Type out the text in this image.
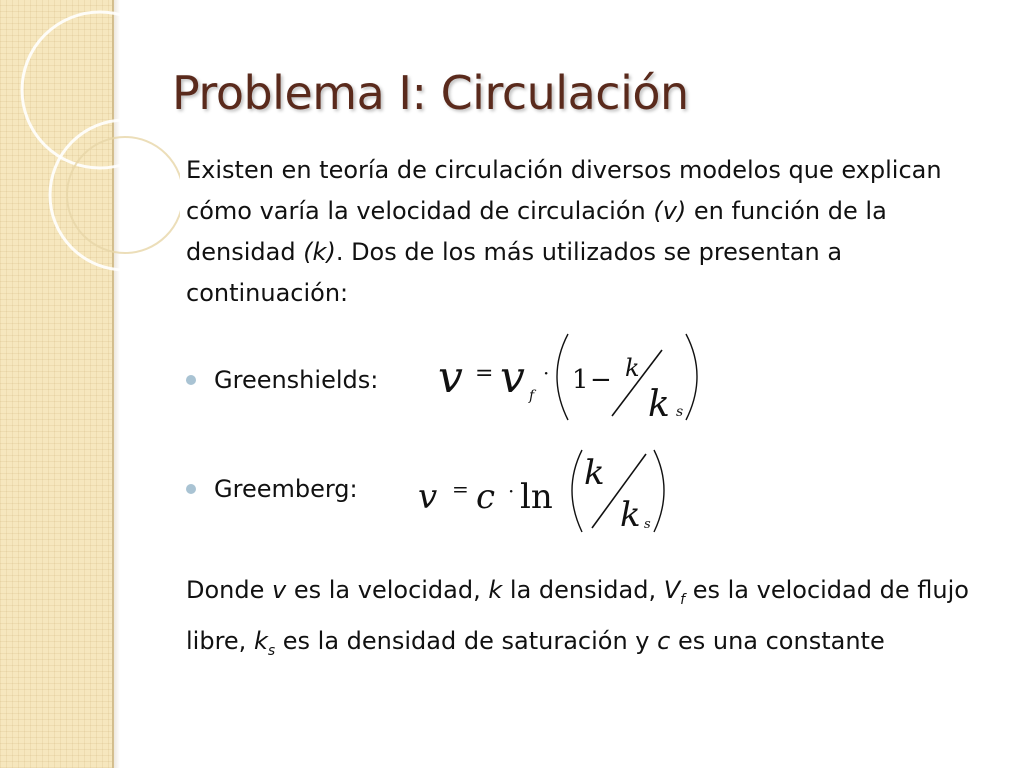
Problema I: Circulación

Existen en teoría de circulación diversos modelos que explican cómo varía la velocidad de circulación (v) en función de la densidad (k). Dos de los más utilizados se presentan a continuación:

Greenshields: v = v f
· 1 − k
k s
Greemberg: v = c · ln
k
k s

Donde v es la velocidad, k la densidad, $V_f$ es la velocidad de flujo libre, $k_s$ es la densidad de saturación y c es una constante
